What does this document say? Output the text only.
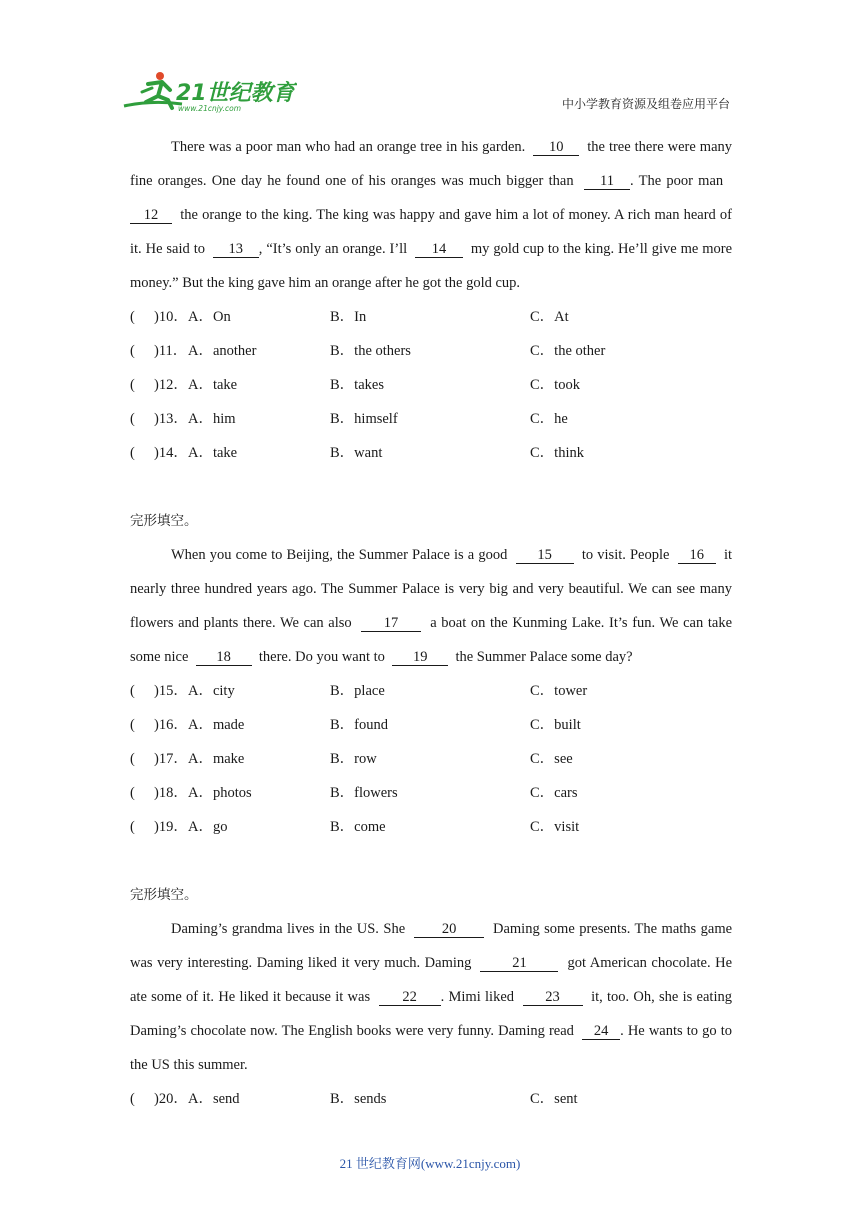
21世纪教育
www.21cnjy.com	中小学教育资源及组卷应用平台

There was a poor man who had an orange tree in his garden. 10 the tree there were many fine oranges. One day he found one of his oranges was much bigger than 11 . The poor man  12 the orange to the king. The king was happy and gave him a lot of money. A rich man heard of it. He said to 13 , “It’s only an orange. I’ll 14 my gold cup to the king. He’ll give me more money.” But the king gave him an orange after he got the gold cup.

( )10． A．On	B．In	C．At
( )11． A．another	B．the others	C．the other
( )12． A．take	B．takes	C．took
( )13． A．him	B．himself	C．he
( )14． A．take	B．want	C．think
完形填空。

When you come to Beijing, the Summer Palace is a good 15 to visit. People 16 it nearly three hundred years ago. The Summer Palace is very big and very beautiful. We can see many flowers and plants there. We can also 17 a boat on the Kunming Lake. It’s fun. We can take some nice 18 there. Do you want to 19 the Summer Palace some day?

( )15． A．city	B．place	C．tower
( )16． A．made	B．found	C．built
( )17． A．make	B．row	C．see
( )18． A．photos	B．flowers	C．cars
( )19． A．go	B．come	C．visit
完形填空。

Daming’s grandma lives in the US. She	20	Daming some presents. The maths game was very interesting. Daming liked it very much. Daming	21	got American chocolate. He ate some of it. He liked it because it was 22 . Mimi liked 23 it, too. Oh, she is eating Daming’s chocolate now. The English books were very funny. Daming read 24 . He wants to go to the US this summer.

( )20． A．send	B．sends	C．sent
21 世纪教育网(www.21cnjy.com)
